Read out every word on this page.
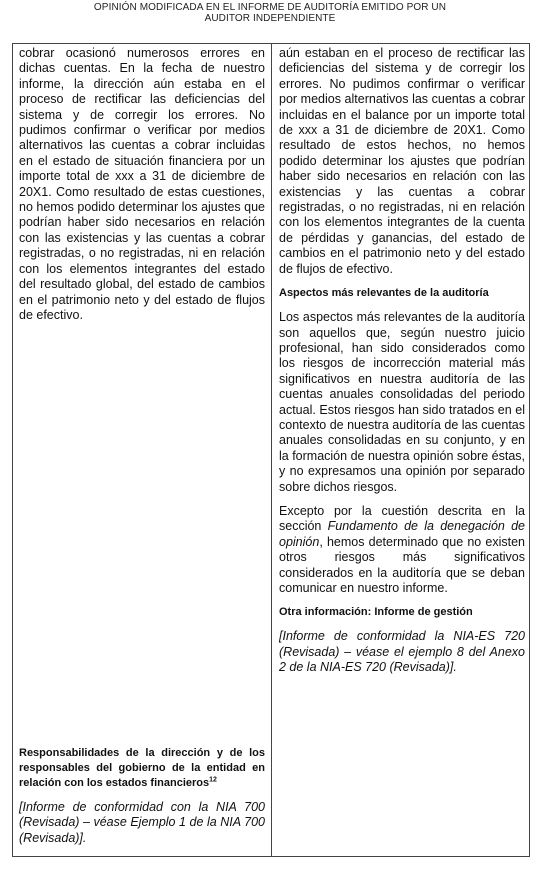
OPINIÓN MODIFICADA EN EL INFORME DE AUDITORÍA EMITIDO POR UN
AUDITOR INDEPENDIENTE

cobrar ocasionó numerosos errores en dichas cuentas. En la fecha de nuestro informe, la dirección aún estaba en el proceso de rectificar las deficiencias del sistema y de corregir los errores. No pudimos confirmar o verificar por medios alternativos las cuentas a cobrar incluidas en el estado de situación financiera por un importe total de xxx a 31 de diciembre de 20X1. Como resultado de estas cuestiones, no hemos podido determinar los ajustes que podrían haber sido necesarios en relación con las existencias y las cuentas a cobrar registradas, o no registradas, ni en relación con los elementos integrantes del estado del resultado global, del estado de cambios en el patrimonio neto y del estado de flujos de efectivo.

Responsabilidades de la dirección y de los responsables del gobierno de la entidad en relación con los estados financieros$^{12}$

[Informe de conformidad con la NIA 700 (Revisada) – véase Ejemplo 1 de la NIA 700 (Revisada)].

aún estaban en el proceso de rectificar las deficiencias del sistema y de corregir los errores. No pudimos confirmar o verificar por medios alternativos las cuentas a cobrar incluidas en el balance por un importe total de xxx a 31 de diciembre de 20X1. Como resultado de estos hechos, no hemos podido determinar los ajustes que podrían haber sido necesarios en relación con las existencias y las cuentas a cobrar registradas, o no registradas, ni en relación con los elementos integrantes de la cuenta de pérdidas y ganancias, del estado de cambios en el patrimonio neto y del estado de flujos de efectivo.

Aspectos más relevantes de la auditoría

Los aspectos más relevantes de la auditoría son aquellos que, según nuestro juicio profesional, han sido considerados como los riesgos de incorrección material más significativos en nuestra auditoría de las cuentas anuales consolidadas del periodo actual. Estos riesgos han sido tratados en el contexto de nuestra auditoría de las cuentas anuales consolidadas en su conjunto, y en la formación de nuestra opinión sobre éstas, y no expresamos una opinión por separado sobre dichos riesgos.

Excepto por la cuestión descrita en la sección Fundamento de la denegación de opinión, hemos determinado que no existen otros riesgos más significativos considerados en la auditoría que se deban comunicar en nuestro informe.

Otra información: Informe de gestión

[Informe de conformidad la NIA-ES 720 (Revisada) – véase el ejemplo 8 del Anexo 2 de la NIA-ES 720 (Revisada)].
